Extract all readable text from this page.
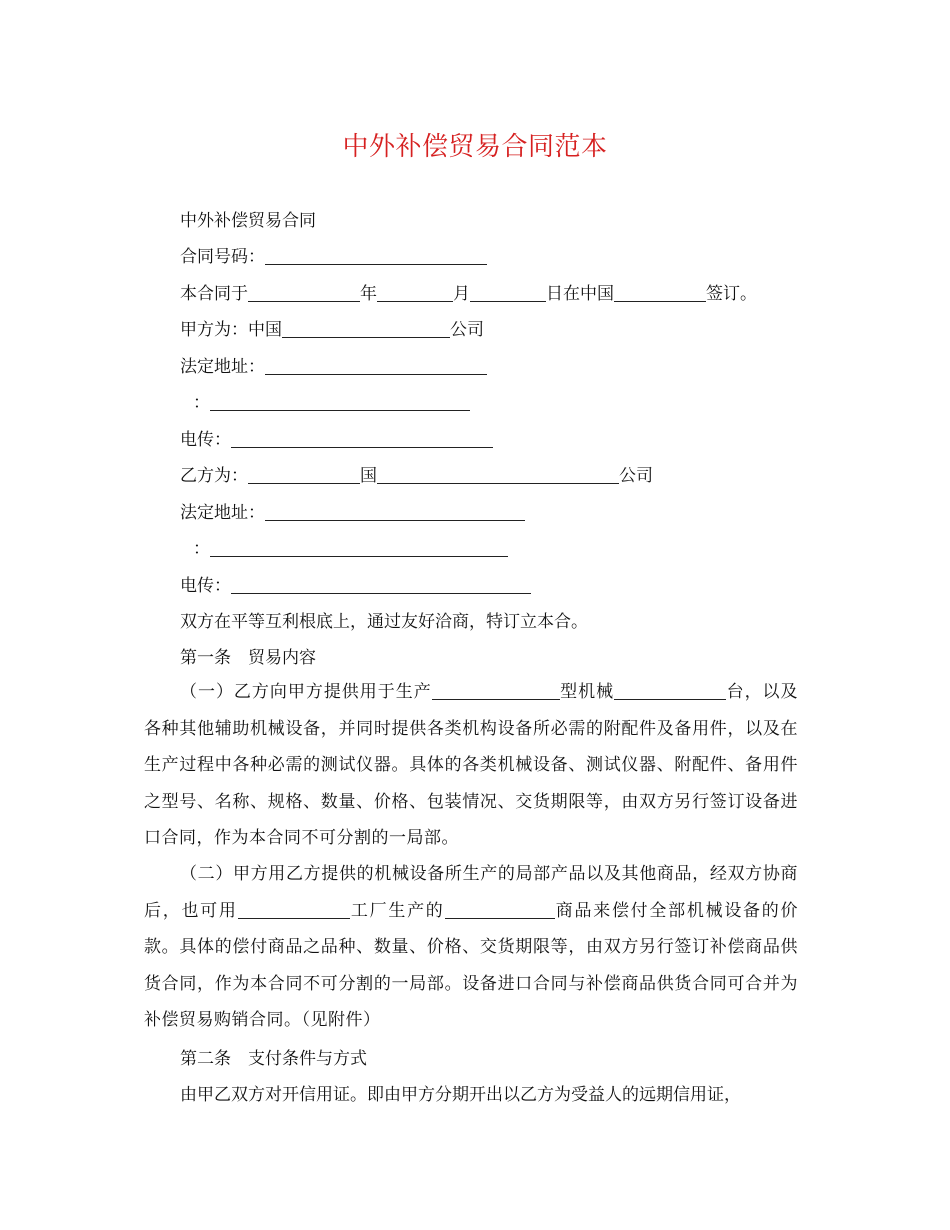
中外补偿贸易合同范本
中外补偿贸易合同
合同号码：
本合同于	年	月	日在中国	签订。
甲方为：中国	公司
法定地址：
：
电传：
乙方为：	国	公司
法定地址：
：
电传：
双方在平等互利根底上，通过友好洽商，特订立本合。
第一条　贸易内容
（一）乙方向甲方提供用于生产	型机械	台，以及各种其他辅助机械设备，并同时提供各类机构设备所必需的附配件及备用件，以及在生产过程中各种必需的测试仪器。具体的各类机械设备、测试仪器、附配件、备用件之型号、名称、规格、数量、价格、包装情况、交货期限等，由双方另行签订设备进口合同，作为本合同不可分割的一局部。
（二）甲方用乙方提供的机械设备所生产的局部产品以及其他商品，经双方协商后，也可用	工厂生产的	商品来偿付全部机械设备的价款。具体的偿付商品之品种、数量、价格、交货期限等，由双方另行签订补偿商品供货合同，作为本合同不可分割的一局部。设备进口合同与补偿商品供货合同可合并为补偿贸易购销合同。（见附件）
第二条　支付条件与方式
由甲乙双方对开信用证。即由甲方分期开出以乙方为受益人的远期信用证，
